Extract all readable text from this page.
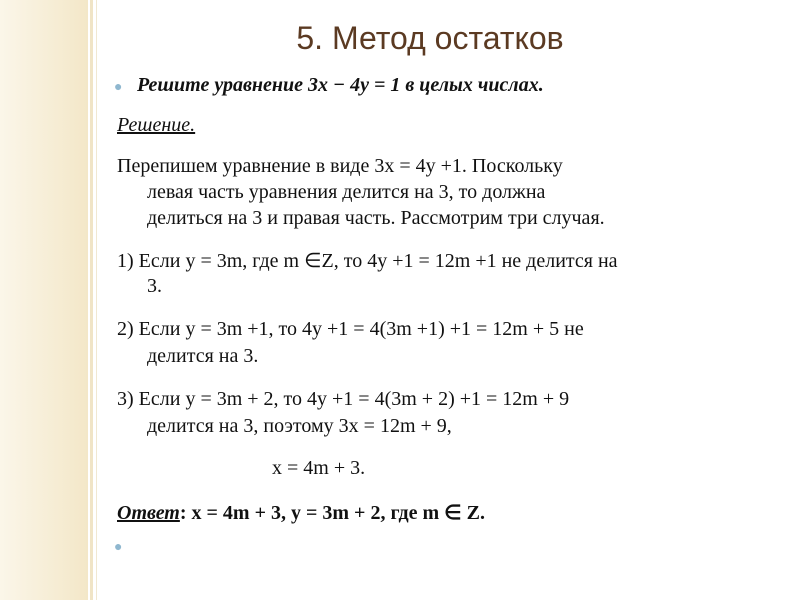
5. Метод остатков
● Решите уравнение 3х − 4у = 1 в целых числах.
Решение.
Перепишем уравнение в виде 3x = 4y +1. Поскольку
левая часть уравнения делится на 3, то должна
делиться на 3 и правая часть. Рассмотрим три случая.
1) Если y = 3m, где m ∈Z, то 4y +1 = 12m +1 не делится на
3.
2) Если y = 3m +1, то 4y +1 = 4(3m +1) +1 = 12m + 5 не
делится на 3.
3) Если y = 3m + 2, то 4y +1 = 4(3m + 2) +1 = 12m + 9
делится на 3, поэтому 3x = 12m + 9,
x = 4m + 3.
Ответ: x = 4m + 3, y = 3m + 2, где m ∈ Z.
●
